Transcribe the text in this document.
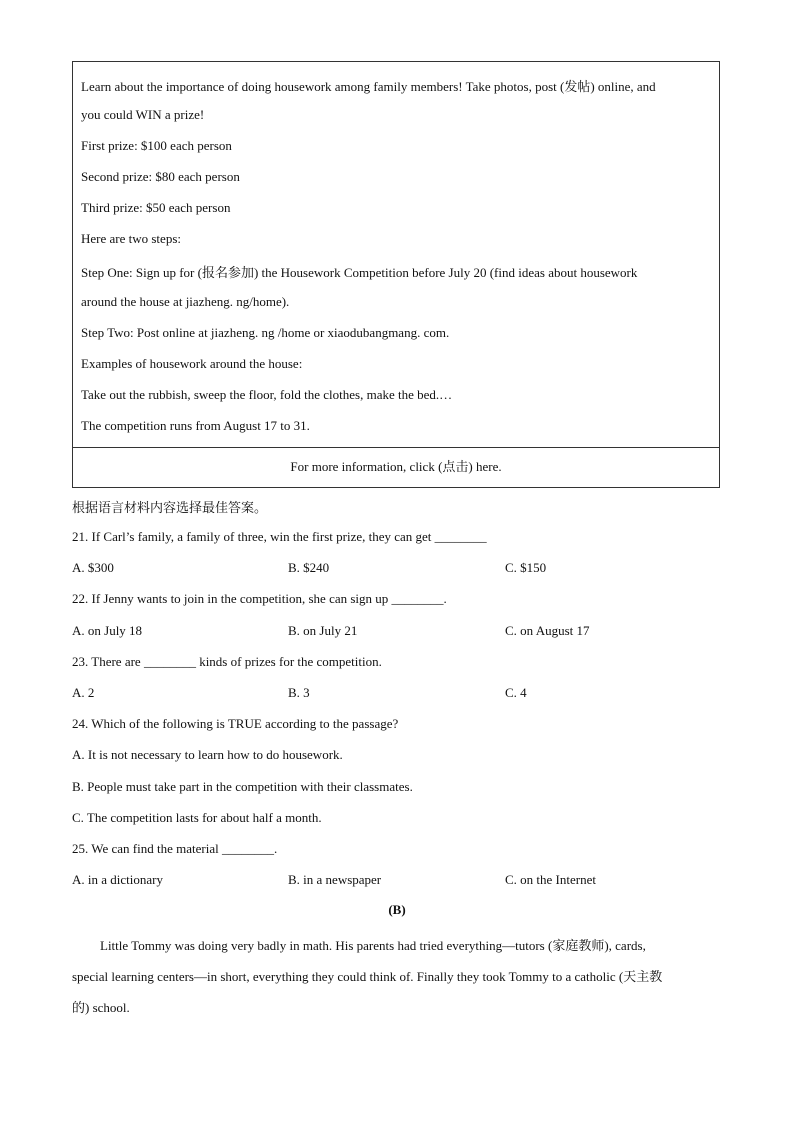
Learn about the importance of doing housework among family members! Take photos, post (发帖) online, and
you could WIN a prize!
First prize: $100 each person
Second prize: $80 each person
Third prize: $50 each person
Here are two steps:
Step One: Sign up for (报名参加) the Housework Competition before July 20 (find ideas about housework
around the house at jiazheng. ng/home).
Step Two: Post online at jiazheng. ng /home or xiaodubangmang. com.
Examples of housework around the house:
Take out the rubbish, sweep the floor, fold the clothes, make the bed.…
The competition runs from August 17 to 31.
For more information, click (点击) here.
根据语言材料内容选择最佳答案。
21. If Carl’s family, a family of three, win the first prize, they can get ________
A. $300	B. $240	C. $150
22. If Jenny wants to join in the competition, she can sign up ________.
A. on July 18	B. on July 21	C. on August 17
23. There are ________ kinds of prizes for the competition.
A. 2	B. 3	C. 4
24. Which of the following is TRUE according to the passage?
A. It is not necessary to learn how to do housework.
B. People must take part in the competition with their classmates.
C. The competition lasts for about half a month.
25. We can find the material ________.
A. in a dictionary	B. in a newspaper	C. on the Internet
(B)
Little Tommy was doing very badly in math. His parents had tried everything—tutors (家庭教师), cards,
special learning centers—in short, everything they could think of. Finally they took Tommy to a catholic (天主教
的) school.
